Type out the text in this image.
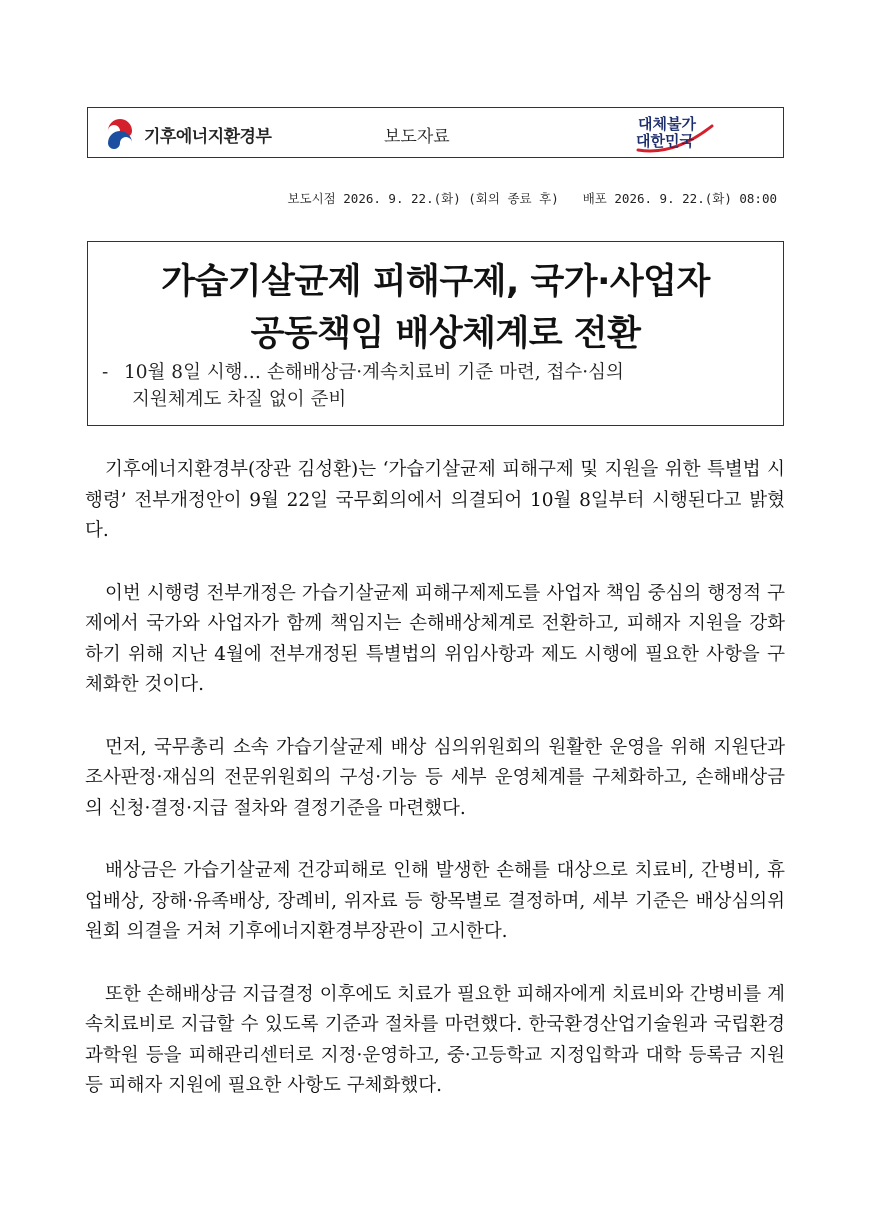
기후에너지환경부	보도자료
대체불가
대한민국
보도시점 2026. 9. 22.(화) (회의 종료 후) 배포 2026. 9. 22.(화) 08:00
가습기살균제 피해구제, 국가·사업자
공동책임 배상체계로 전환
- 10월 8일 시행… 손해배상금·계속치료비 기준 마련, 접수·심의
지원체계도 차질 없이 준비

기후에너지환경부(장관 김성환)는 ‘가습기살균제 피해구제 및 지원을 위한 특별법 시행령’ 전부개정안이 9월 22일 국무회의에서 의결되어 10월 8일부터 시행된다고 밝혔다.

이번 시행령 전부개정은 가습기살균제 피해구제제도를 사업자 책임 중심의 행정적 구제에서 국가와 사업자가 함께 책임지는 손해배상체계로 전환하고, 피해자 지원을 강화하기 위해 지난 4월에 전부개정된 특별법의 위임사항과 제도 시행에 필요한 사항을 구체화한 것이다.

먼저, 국무총리 소속 가습기살균제 배상 심의위원회의 원활한 운영을 위해 지원단과 조사판정·재심의 전문위원회의 구성·기능 등 세부 운영체계를 구체화하고, 손해배상금의 신청·결정·지급 절차와 결정기준을 마련했다.

배상금은 가습기살균제 건강피해로 인해 발생한 손해를 대상으로 치료비, 간병비, 휴업배상, 장해·유족배상, 장례비, 위자료 등 항목별로 결정하며, 세부 기준은 배상심의위원회 의결을 거쳐 기후에너지환경부장관이 고시한다.

또한 손해배상금 지급결정 이후에도 치료가 필요한 피해자에게 치료비와 간병비를 계속치료비로 지급할 수 있도록 기준과 절차를 마련했다. 한국환경산업기술원과 국립환경과학원 등을 피해관리센터로 지정·운영하고, 중·고등학교 지정입학과 대학 등록금 지원 등 피해자 지원에 필요한 사항도 구체화했다.
